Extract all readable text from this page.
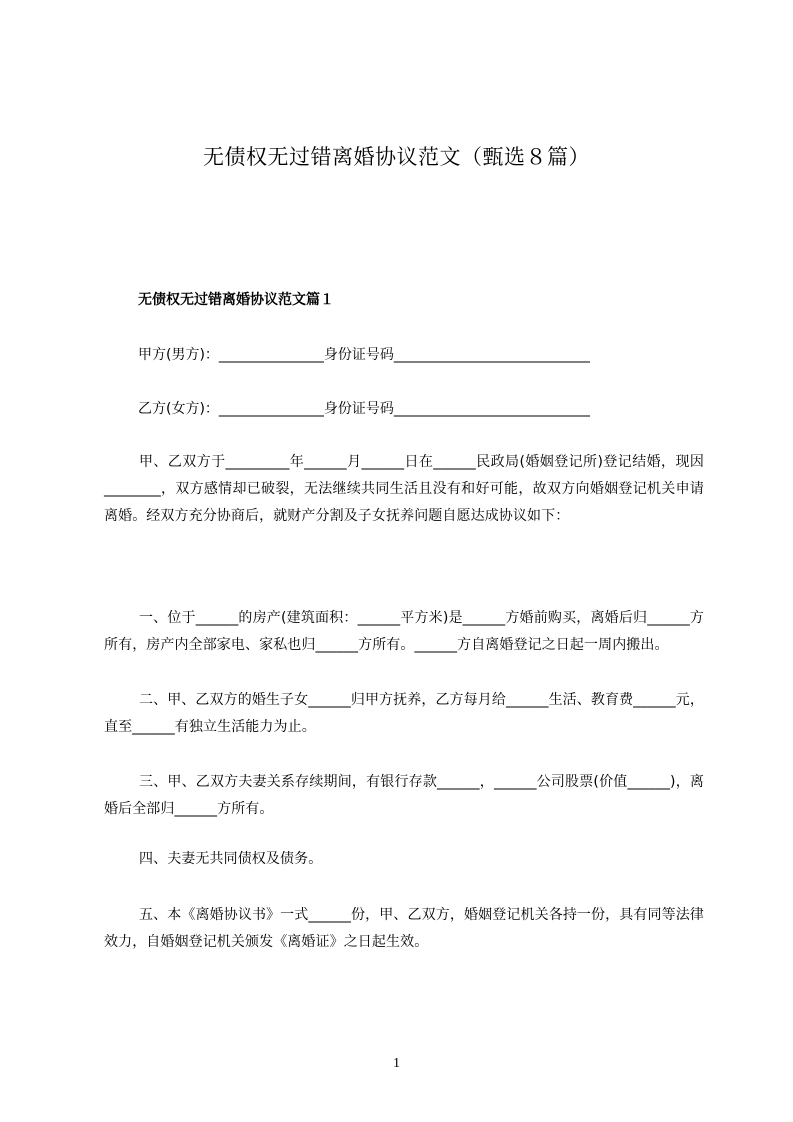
无债权无过错离婚协议范文（甄选８篇）
无债权无过错离婚协议范文篇１
甲方(男方)：_______________身份证号码____________________________
乙方(女方)：_______________身份证号码____________________________
甲、乙双方于_________年______月______日在______民政局(婚姻登记所)登记结婚，现因________，双方感情却已破裂，无法继续共同生活且没有和好可能，故双方向婚姻登记机关申请离婚。经双方充分协商后，就财产分割及子女抚养问题自愿达成协议如下：
一、位于______的房产(建筑面积：______平方米)是______方婚前购买，离婚后归______方所有，房产内全部家电、家私也归______方所有。______方自离婚登记之日起一周内搬出。
二、甲、乙双方的婚生子女______归甲方抚养，乙方每月给______生活、教育费______元，直至______有独立生活能力为止。
三、甲、乙双方夫妻关系存续期间，有银行存款______，______公司股票(价值______)，离婚后全部归______方所有。
四、夫妻无共同债权及债务。
五、本《离婚协议书》一式______份，甲、乙双方，婚姻登记机关各持一份，具有同等法律效力，自婚姻登记机关颁发《离婚证》之日起生效。
1
